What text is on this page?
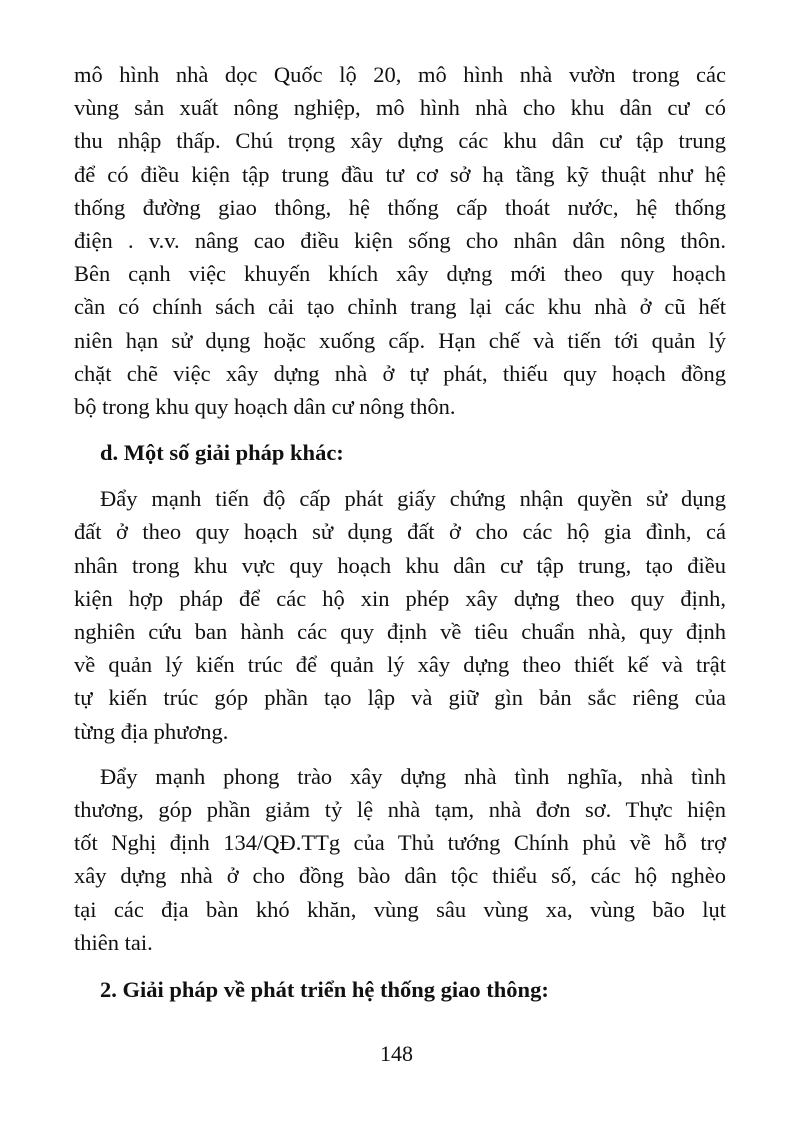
mô hình nhà dọc Quốc lộ 20, mô hình nhà vườn trong các
vùng sản xuất nông nghiệp, mô hình nhà cho khu dân cư có
thu nhập thấp. Chú trọng xây dựng các khu dân cư tập trung
để có điều kiện tập trung đầu tư cơ sở hạ tầng kỹ thuật như hệ
thống đường giao thông, hệ thống cấp thoát nước, hệ thống
điện . v.v. nâng cao điều kiện sống cho nhân dân nông thôn.
Bên cạnh việc khuyến khích xây dựng mới theo quy hoạch
cần có chính sách cải tạo chỉnh trang lại các khu nhà ở cũ hết
niên hạn sử dụng hoặc xuống cấp. Hạn chế và tiến tới quản lý
chặt chẽ việc xây dựng nhà ở tự phát, thiếu quy hoạch đồng
bộ trong khu quy hoạch dân cư nông thôn.

d. Một số giải pháp khác:

Đẩy mạnh tiến độ cấp phát giấy chứng nhận quyền sử dụng
đất ở theo quy hoạch sử dụng đất ở cho các hộ gia đình, cá
nhân trong khu vực quy hoạch khu dân cư tập trung, tạo điều
kiện hợp pháp để các hộ xin phép xây dựng theo quy định,
nghiên cứu ban hành các quy định về tiêu chuẩn nhà, quy định
về quản lý kiến trúc để quản lý xây dựng theo thiết kế và trật
tự kiến trúc góp phần tạo lập và giữ gìn bản sắc riêng của
từng địa phương.

Đẩy mạnh phong trào xây dựng nhà tình nghĩa, nhà tình
thương, góp phần giảm tỷ lệ nhà tạm, nhà đơn sơ. Thực hiện
tốt Nghị định 134/QĐ.TTg của Thủ tướng Chính phủ về hỗ trợ
xây dựng nhà ở cho đồng bào dân tộc thiểu số, các hộ nghèo
tại các địa bàn khó khăn, vùng sâu vùng xa, vùng bão lụt
thiên tai.

2. Giải pháp về phát triển hệ thống giao thông:
148
